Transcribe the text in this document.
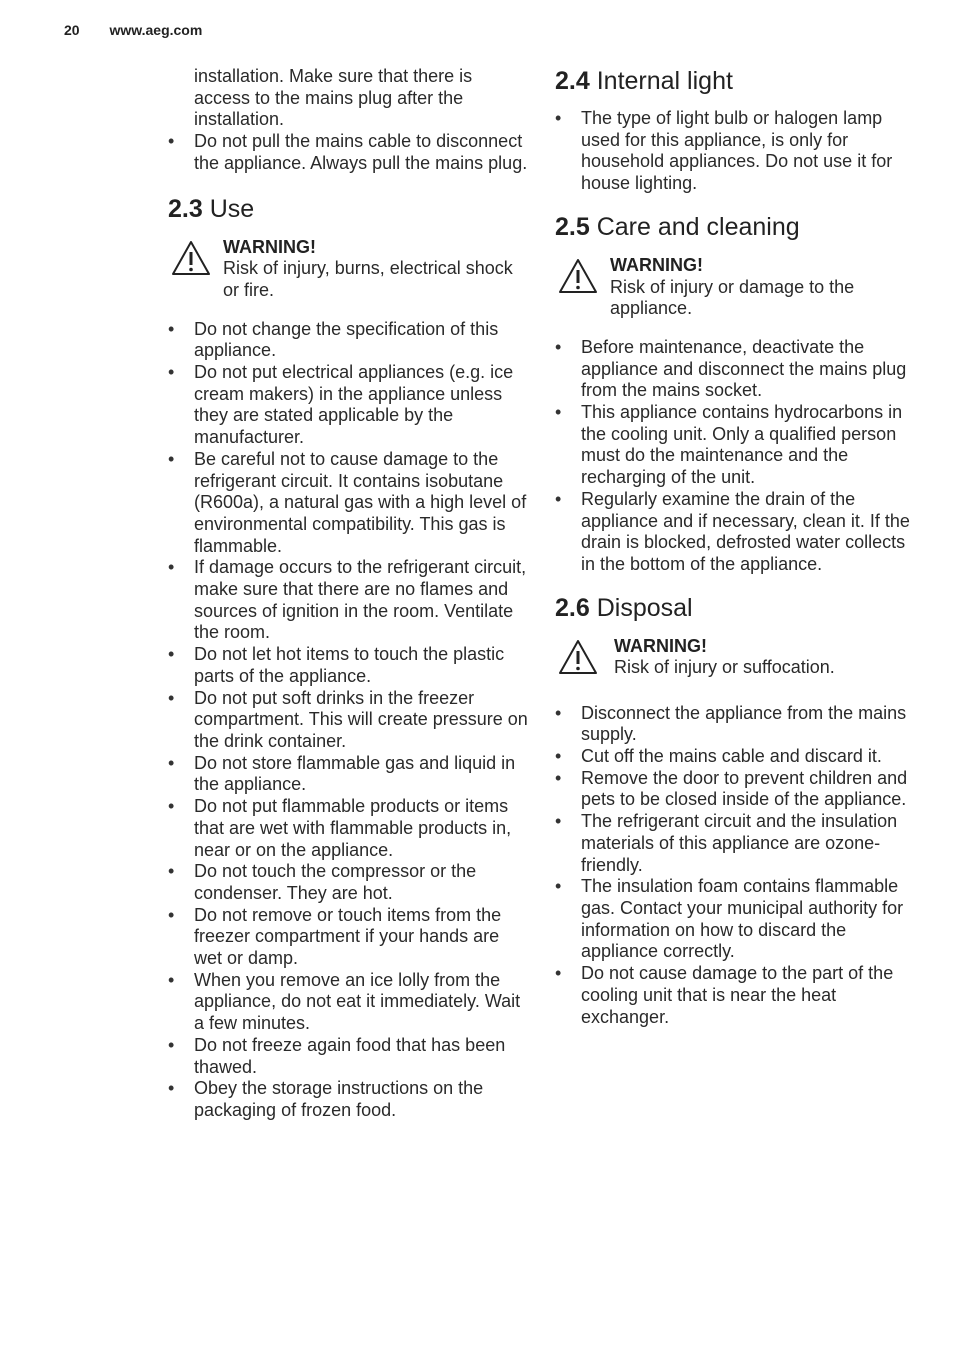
20 www.aeg.com
installation. Make sure that there is access to the mains plug after the installation.
• Do not pull the mains cable to disconnect the appliance. Always pull the mains plug.
2.3 Use
WARNING!
Risk of injury, burns, electrical shock or fire.
• Do not change the specification of this appliance.
• Do not put electrical appliances (e.g. ice cream makers) in the appliance unless they are stated applicable by the manufacturer.
• Be careful not to cause damage to the refrigerant circuit. It contains isobutane (R600a), a natural gas with a high level of environmental compatibility. This gas is flammable.
• If damage occurs to the refrigerant circuit, make sure that there are no flames and sources of ignition in the room. Ventilate the room.
• Do not let hot items to touch the plastic parts of the appliance.
• Do not put soft drinks in the freezer compartment. This will create pressure on the drink container.
• Do not store flammable gas and liquid in the appliance.
• Do not put flammable products or items that are wet with flammable products in, near or on the appliance.
• Do not touch the compressor or the condenser. They are hot.
• Do not remove or touch items from the freezer compartment if your hands are wet or damp.
• When you remove an ice lolly from the appliance, do not eat it immediately. Wait a few minutes.
• Do not freeze again food that has been thawed.
• Obey the storage instructions on the packaging of frozen food.
2.4 Internal light
• The type of light bulb or halogen lamp used for this appliance, is only for household appliances. Do not use it for house lighting.
2.5 Care and cleaning
WARNING!
Risk of injury or damage to the appliance.
• Before maintenance, deactivate the appliance and disconnect the mains plug from the mains socket.
• This appliance contains hydrocarbons in the cooling unit. Only a qualified person must do the maintenance and the recharging of the unit.
• Regularly examine the drain of the appliance and if necessary, clean it. If the drain is blocked, defrosted water collects in the bottom of the appliance.
2.6 Disposal
WARNING!
Risk of injury or suffocation.
• Disconnect the appliance from the mains supply.
• Cut off the mains cable and discard it.
• Remove the door to prevent children and pets to be closed inside of the appliance.
• The refrigerant circuit and the insulation materials of this appliance are ozone-friendly.
• The insulation foam contains flammable gas. Contact your municipal authority for information on how to discard the appliance correctly.
• Do not cause damage to the part of the cooling unit that is near the heat exchanger.
